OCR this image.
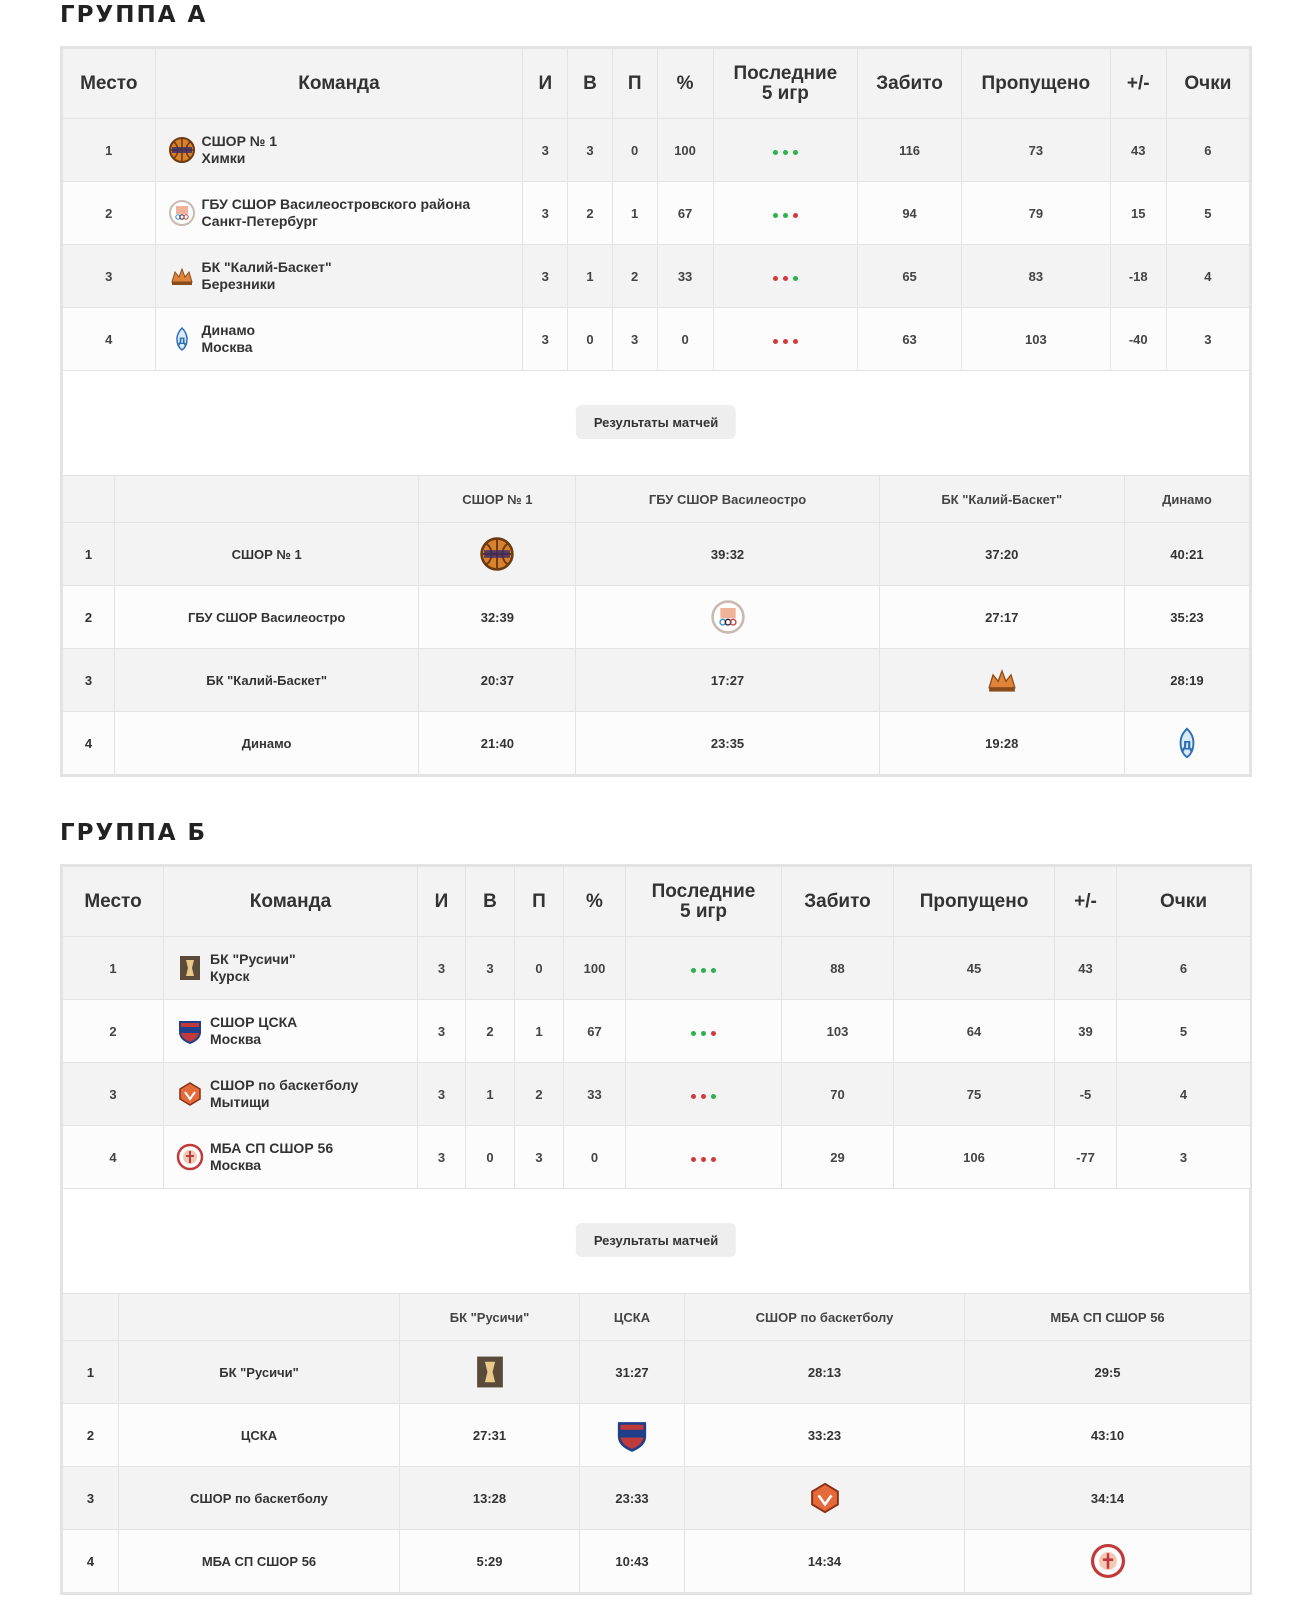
ГРУППА А
Место	Команда	И	В	П	%	Последние
5 игр	Забито	Пропущено	+/-	Очки
1	СШОР № 1
Химки	3	3	0	100		116	73	43	6
2	ГБУ СШОР Василеостровского района
Санкт-Петербург	3	2	1	67		94	79	15	5
3	БК "Калий-Баскет"
Березники	3	1	2	33		65	83	-18	4
4	Д
Динамо
Москва	3	0	3	0		63	103	-40	3
Результаты матчей
		СШОР № 1	ГБУ СШОР Василеостро	БК "Калий-Баскет"	Динамо
1	СШОР № 1		39:32	37:20	40:21
2	ГБУ СШОР Василеостро	32:39		27:17	35:23
3	БК "Калий-Баскет"	20:37	17:27		28:19
4	Динамо	21:40	23:35	19:28	Д
ГРУППА Б
Место	Команда	И	В	П	%	Последние
5 игр	Забито	Пропущено	+/-	Очки
1	БК "Русичи"
Курск	3	3	0	100		88	45	43	6
2	СШОР ЦСКА
Москва	3	2	1	67		103	64	39	5
3	СШОР по баскетболу
Мытищи	3	1	2	33		70	75	-5	4
4	МБА СП СШОР 56
Москва	3	0	3	0		29	106	-77	3
Результаты матчей
		БК "Русичи"	ЦСКА	СШОР по баскетболу	МБА СП СШОР 56
1	БК "Русичи"		31:27	28:13	29:5
2	ЦСКА	27:31		33:23	43:10
3	СШОР по баскетболу	13:28	23:33		34:14
4	МБА СП СШОР 56	5:29	10:43	14:34	
